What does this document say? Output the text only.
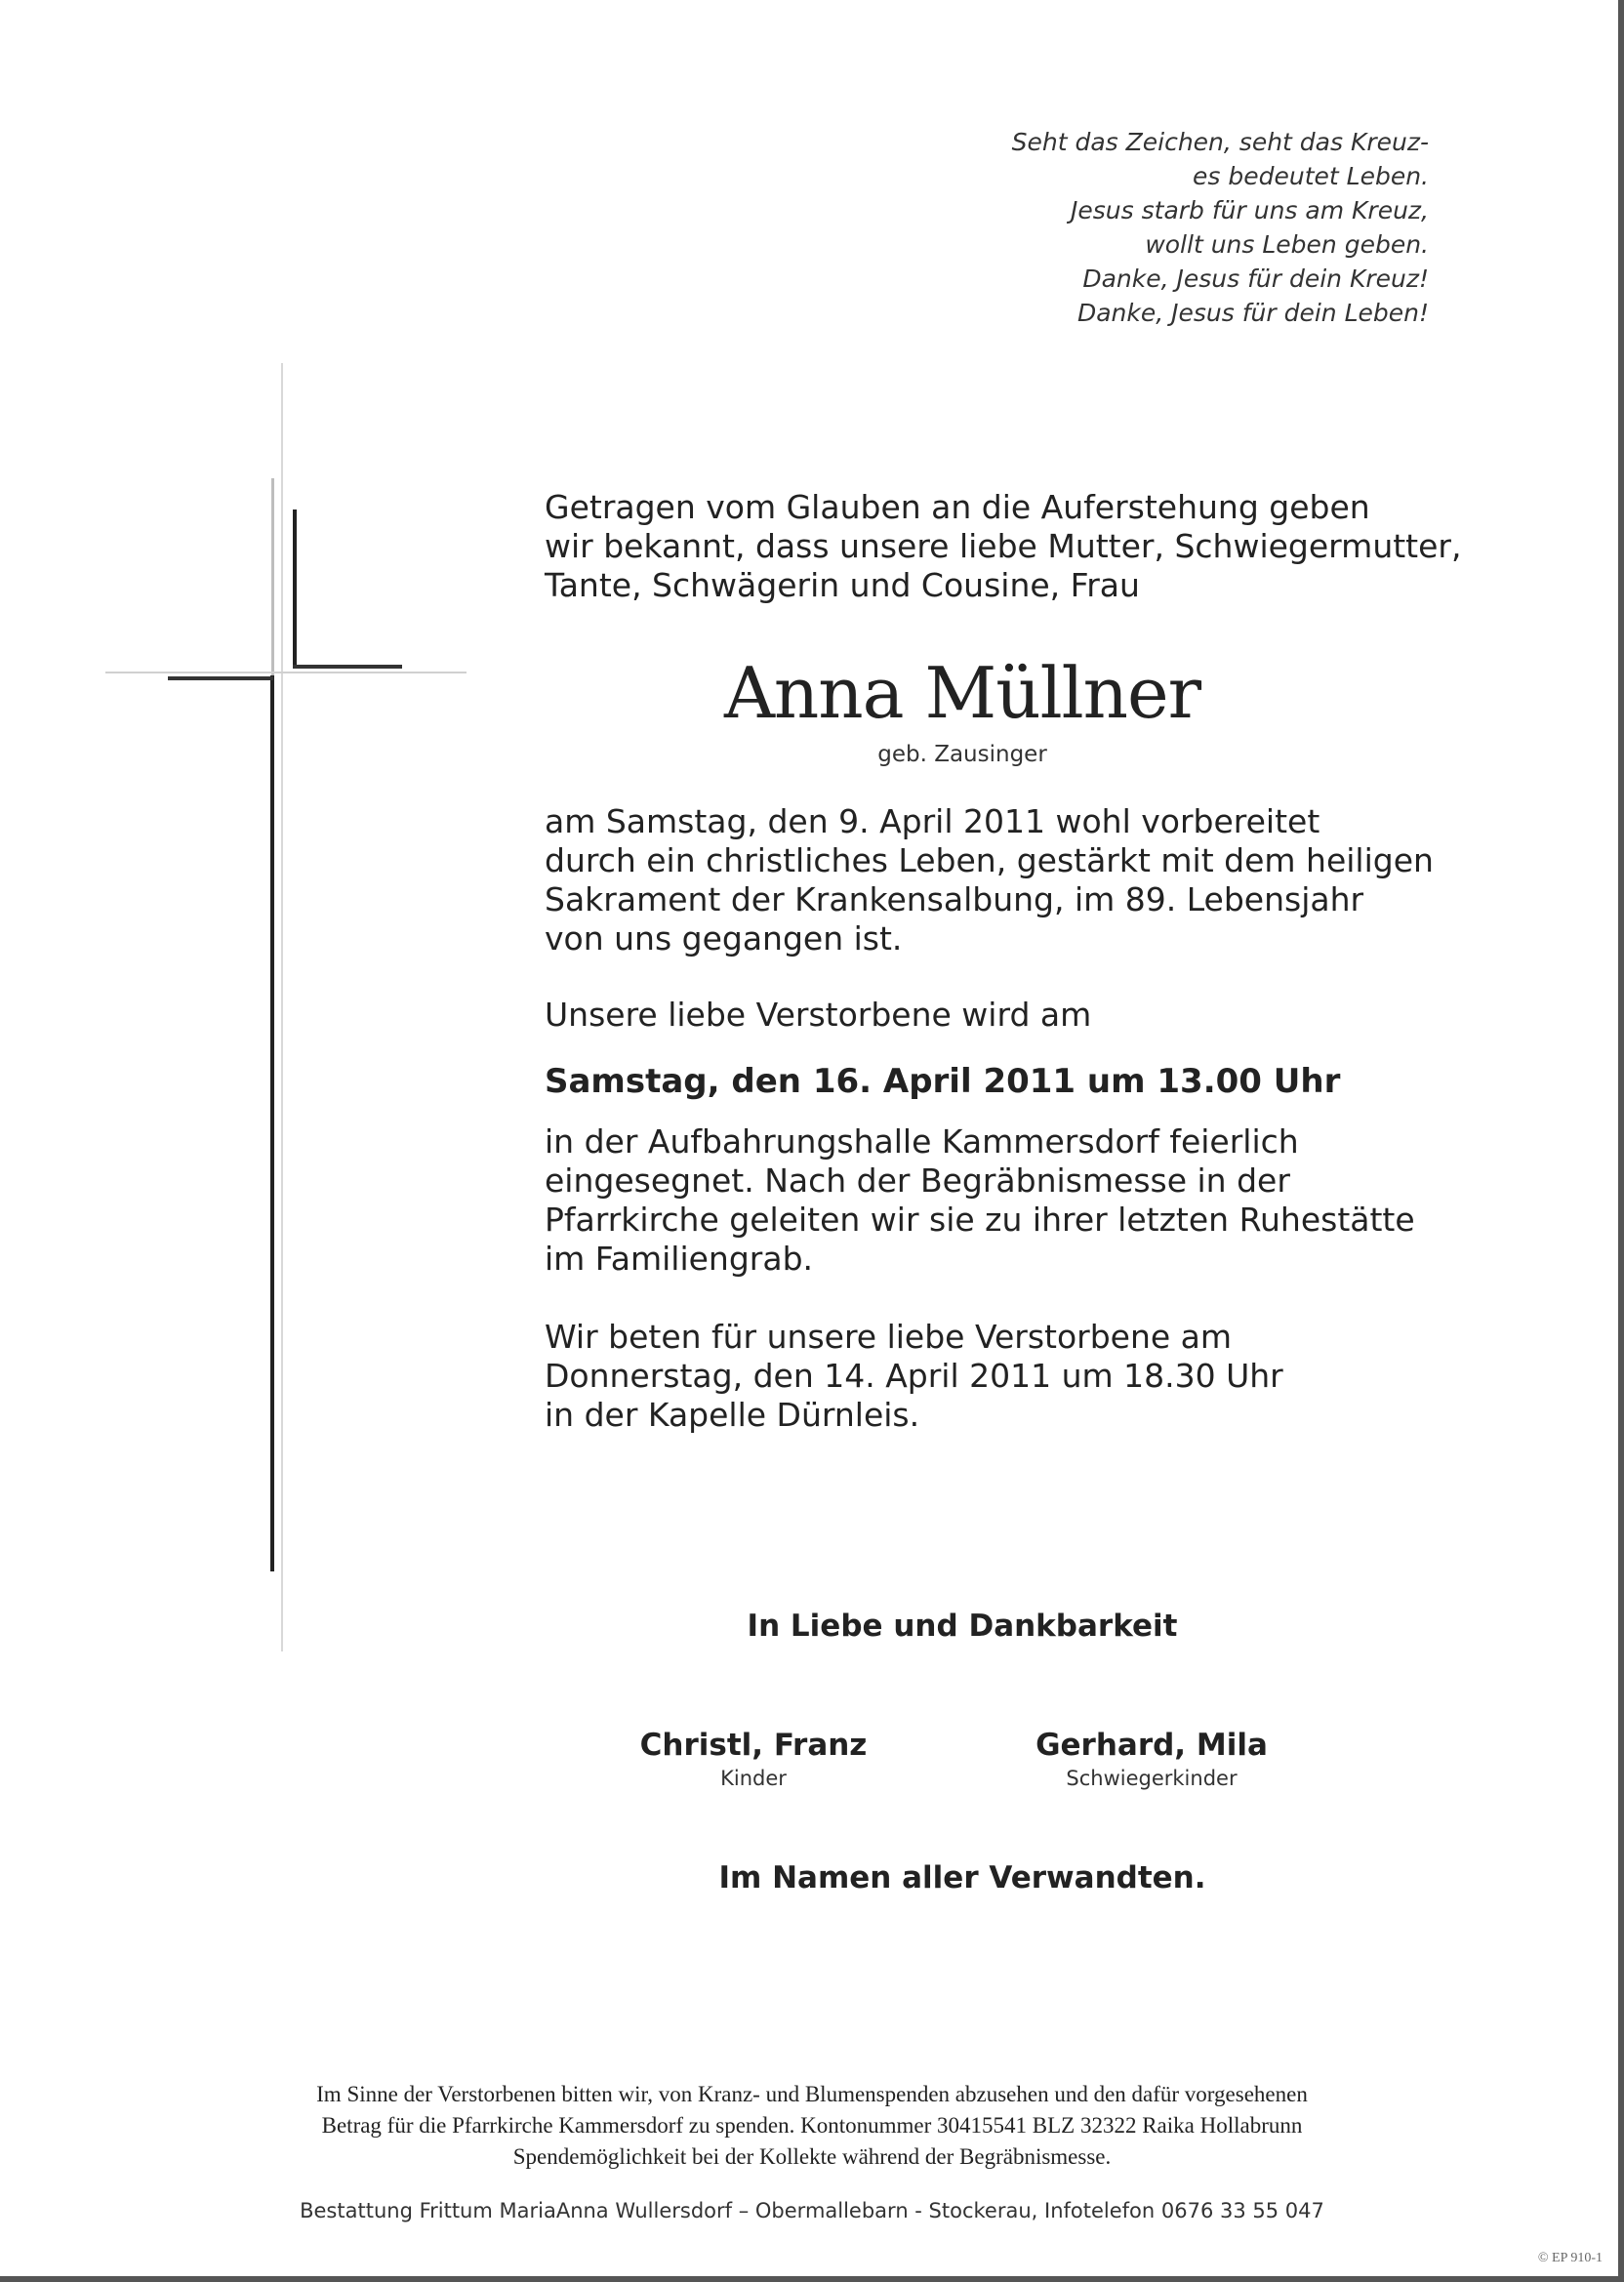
Seht das Zeichen, seht das Kreuz-
es bedeutet Leben.
Jesus starb für uns am Kreuz,
wollt uns Leben geben.
Danke, Jesus für dein Kreuz!
Danke, Jesus für dein Leben!
Getragen vom Glauben an die Auferstehung geben
wir bekannt, dass unsere liebe Mutter, Schwiegermutter,
Tante, Schwägerin und Cousine, Frau
Anna Müllner
geb. Zausinger
am Samstag, den 9. April 2011 wohl vorbereitet
durch ein christliches Leben, gestärkt mit dem heiligen
Sakrament der Krankensalbung, im 89. Lebensjahr
von uns gegangen ist.
Unsere liebe Verstorbene wird am
Samstag, den 16. April 2011 um 13.00 Uhr
in der Aufbahrungshalle Kammersdorf feierlich
eingesegnet. Nach der Begräbnismesse in der
Pfarrkirche geleiten wir sie zu ihrer letzten Ruhestätte
im Familiengrab.
Wir beten für unsere liebe Verstorbene am
Donnerstag, den 14. April 2011 um 18.30 Uhr
in der Kapelle Dürnleis.
In Liebe und Dankbarkeit
Christl, Franz
Kinder
Gerhard, Mila
Schwiegerkinder
Im Namen aller Verwandten.
Im Sinne der Verstorbenen bitten wir, von Kranz- und Blumenspenden abzusehen und den dafür vorgesehenen
Betrag für die Pfarrkirche Kammersdorf zu spenden. Kontonummer 30415541 BLZ 32322 Raika Hollabrunn
Spendemöglichkeit bei der Kollekte während der Begräbnismesse.
Bestattung Frittum MariaAnna Wullersdorf – Obermallebarn - Stockerau, Infotelefon 0676 33 55 047
© EP 910-1
